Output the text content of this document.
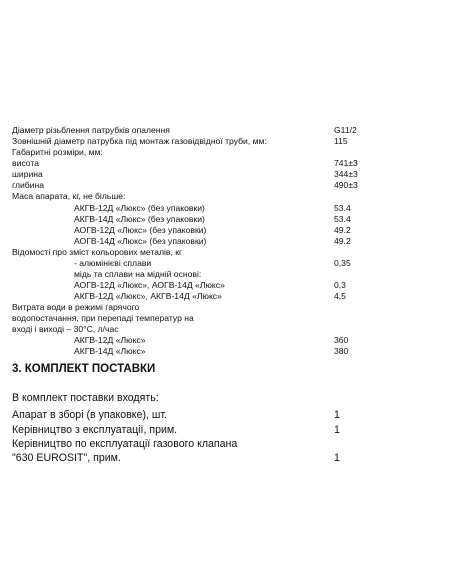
Діаметр різьблення патрубків опалення	G11/2
Зовнішній діаметр патрубка під монтаж газовідвідної труби, мм:	115
Габаритні розміри, мм:
висота	741±3
ширина	344±3
глибина	490±3
Маса апарата, кг, не більше:
АКГВ-12Д «Люкс» (без упаковки)	53.4
АКГВ-14Д «Люкс» (без упаковки)	53.4
АОГВ-12Д «Люкс» (без упаковки)	49.2
АОГВ-14Д «Люкс» (без упаковки)	49.2
Відомості про зміст кольорових металів, кг
- алюмінієві сплави	0,35
мідь та сплави на мідній основі:
АОГВ-12Д «Люкс», АОГВ-14Д «Люкс»	0,3
АКГВ-12Д «Люкс», АКГВ-14Д «Люкс»	4,5
Витрата води в режимі гарячого
водопостачання, при перепаді температур на
вході і виході – 30°С, л/час
АКГВ-12Д «Люкс»	360
АКГВ-14Д «Люкс»	380
3. КОМПЛЕКТ ПОСТАВКИ
В комплект поставки входять:
Апарат в зборі (в упаковке), шт.	1
Керівництво з експлуатації, прим.	1
Керівництво по експлуатації газового клапана
"630 EUROSIT", прим.	1
